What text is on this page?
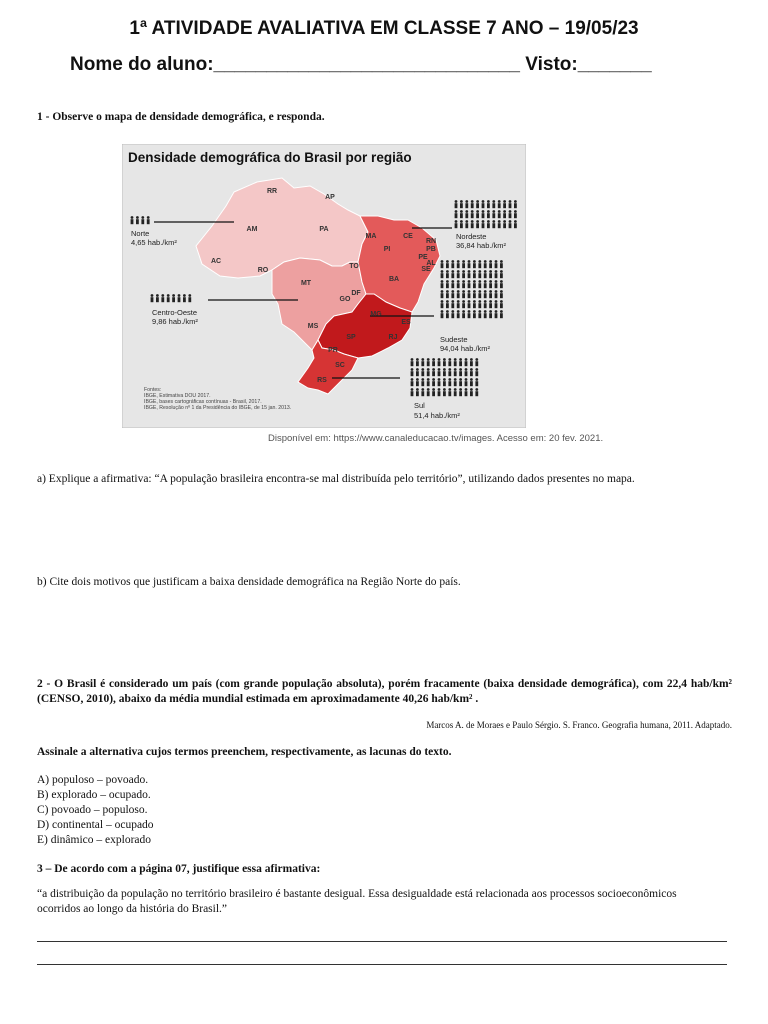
1ª ATIVIDADE AVALIATIVA EM CLASSE 7 ANO – 19/05/23
Nome do aluno:_____________________________ Visto:_______
1 - Observe o mapa de densidade demográfica, e responda.
Densidade demográfica do Brasil por região
Norte
4,65 hab./km²
Centro-Oeste
9,86 hab./km²
Nordeste
36,84 hab./km²
Sudeste
94,04 hab./km²
Sul
51,4 hab./km²
RR
AP
AM	PA
AC
RO
MA	CE
RN
PB
PE
AL
SE
PI
TO
BA
MT
GO
DF
MG
ES
MS
SP	RJ
PR
SC
RS
Fontes:
IBGE, Estimativa DOU 2017.
IBGE, bases cartográficas contínuas - Brasil, 2017.
IBGE, Resolução nº 1 da Presidência do IBGE, de 15 jan. 2013.
Disponível em: https://www.canaleducacao.tv/images. Acesso em: 20 fev. 2021.
a) Explique a afirmativa: “A população brasileira encontra-se mal distribuída pelo território”, utilizando dados presentes no mapa.
b) Cite dois motivos que justificam a baixa densidade demográfica na Região Norte do país.
2 - O Brasil é considerado um país (com grande população absoluta), porém fracamente (baixa densidade demográfica), com 22,4 hab/km² (CENSO, 2010), abaixo da média mundial estimada em aproximadamente 40,26 hab/km² .
Marcos A. de Moraes e Paulo Sérgio. S. Franco. Geografia humana, 2011. Adaptado.
Assinale a alternativa cujos termos preenchem, respectivamente, as lacunas do texto.
A) populoso – povoado.
B) explorado – ocupado.
C) povoado – populoso.
D) continental – ocupado
E) dinâmico – explorado
3 – De acordo com a página 07, justifique essa afirmativa:
“a distribuição da população no território brasileiro é bastante desigual. Essa desigualdade está relacionada aos processos socioeconômicos ocorridos ao longo da história do Brasil.”
